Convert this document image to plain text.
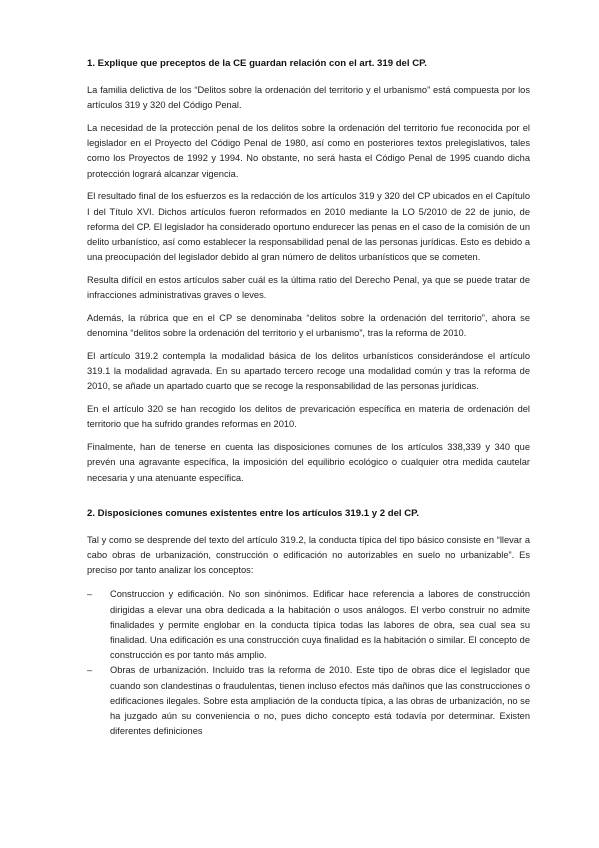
1. Explique que preceptos de la CE guardan relación con el art. 319 del CP.

La familia delictiva de los “Delitos sobre la ordenación del territorio y el urbanismo” está compuesta por los artículos 319 y 320 del Código Penal.

La necesidad de la protección penal de los delitos sobre la ordenación del territorio fue reconocida por el legislador en el Proyecto del Código Penal de 1980, así como en posteriores textos prelegislativos, tales como los Proyectos de 1992 y 1994. No obstante, no será hasta el Código Penal de 1995 cuando dicha protección logrará alcanzar vigencia.

El resultado final de los esfuerzos es la redacción de los artículos 319 y 320 del CP ubicados en el Capítulo I del Título XVI. Dichos artículos fueron reformados en 2010 mediante la LO 5/2010 de 22 de junio, de reforma del CP. El legislador ha considerado oportuno endurecer las penas en el caso de la comisión de un delito urbanístico, así como establecer la responsabilidad penal de las personas jurídicas. Esto es debido a una preocupación del legislador debido al gran número de delitos urbanísticos que se cometen.

Resulta difícil en estos artículos saber cuál es la última ratio del Derecho Penal, ya que se puede tratar de infracciones administrativas graves o leves.

Además, la rúbrica que en el CP se denominaba “delitos sobre la ordenación del territorio”, ahora se denomina “delitos sobre la ordenación del territorio y el urbanismo”, tras la reforma de 2010.

El artículo 319.2 contempla la modalidad básica de los delitos urbanísticos considerándose el artículo 319.1 la modalidad agravada. En su apartado tercero recoge una modalidad común y tras la reforma de 2010, se añade un apartado cuarto que se recoge la responsabilidad de las personas jurídicas.

En el artículo 320 se han recogido los delitos de prevaricación específica en materia de ordenación del territorio que ha sufrido grandes reformas en 2010.

Finalmente, han de tenerse en cuenta las disposiciones comunes de los artículos 338,339 y 340 que prevén una agravante específica, la imposición del equilibrio ecológico o cualquier otra medida cautelar necesaria y una atenuante específica.

2. Disposiciones comunes existentes entre los artículos 319.1 y 2 del CP.

Tal y como se desprende del texto del artículo 319.2, la conducta típica del tipo básico consiste en “llevar a cabo obras de urbanización, construcción o edificación no autorizables en suelo no urbanizable”. Es preciso por tanto analizar los conceptos:

– Construccion y edificación. No son sinónimos. Edificar hace referencia a labores de construcción dirigidas a elevar una obra dedicada a la habitación o usos análogos. El verbo construir no admite finalidades y permite englobar en la conducta típica todas las labores de obra, sea cual sea su finalidad. Una edificación es una construcción cuya finalidad es la habitación o similar. El concepto de construcción es por tanto más amplio.
– Obras de urbanización. Incluido tras la reforma de 2010. Este tipo de obras dice el legislador que cuando son clandestinas o fraudulentas, tienen incluso efectos más dañinos que las construcciones o edificaciones ilegales. Sobre esta ampliación de la conducta típica, a las obras de urbanización, no se ha juzgado aún su conveniencia o no, pues dicho concepto está todavía por determinar. Existen diferentes definiciones
